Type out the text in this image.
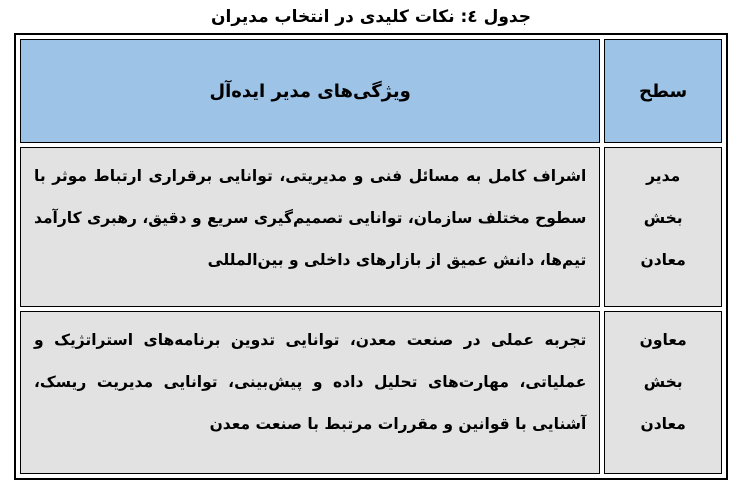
جدول ٤: نکات کلیدی در انتخاب مدیران
سطح	ویژگی‌های مدیر ایده‌آل

مدیر
بخش
معادن	اشراف کامل به مسائل فنی و مدیریتی، توانایی برقراری ارتباط موثر با سطوح مختلف سازمان، توانایی تصمیم‌گیری سریع و دقیق، رهبری کارآمد تیم‌ها، دانش عمیق از بازارهای داخلی و بین‌المللی

معاون
بخش
معادن	تجربه عملی در صنعت معدن، توانایی تدوین برنامه‌های استراتژیک و عملیاتی، مهارت‌های تحلیل داده و پیش‌بینی، توانایی مدیریت ریسک، آشنایی با قوانین و مقررات مرتبط با صنعت معدن
